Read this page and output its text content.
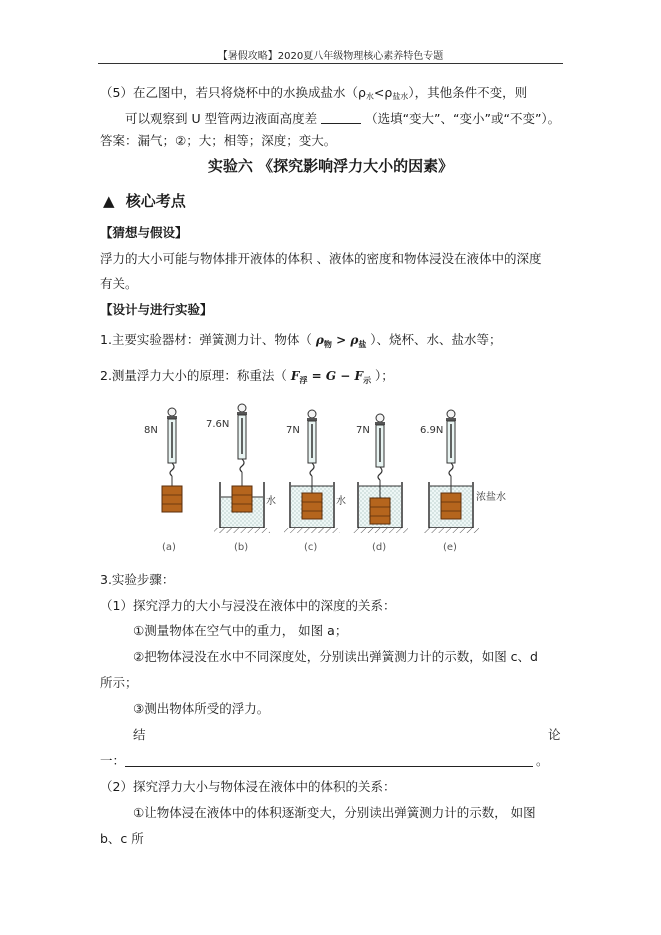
【暑假攻略】2020夏八年级物理核心素养特色专题
（5）在乙图中，若只将烧杯中的水换成盐水$(\rho_水<\rho_{盐水})$，其他条件不变，则
可以观察到 U 型管两边液面高度差	（选填“变大”、“变小”或“不变”）。
答案：漏气；②；大；相等；深度；变大。
实验六 《探究影响浮力大小的因素》
▲ 核心考点
【猜想与假设】
浮力的大小可能与物体排开液体的体积 、液体的密度和物体浸没在液体中的深度
有关。
【设计与进行实验】
1.主要实验器材：弹簧测力计、物体（ $\rho_物 > \rho_盐$ ）、烧杯、水、盐水等；
2.测量浮力大小的原理：称重法（ $F_浮 = G - F_示$ ）；
8N
(a)
7.6N
水
(b)
7N
水
(c)
7N
(d)
6.9N
浓盐水
(e)
3.实验步骤：
（1）探究浮力的大小与浸没在液体中的深度的关系：
①测量物体在空气中的重力， 如图 a；
②把物体浸没在水中不同深度处，分别读出弹簧测力计的示数，如图 c、d
所示；
③测出物体所受的浮力。
结	论
一：	。
（2）探究浮力大小与物体浸在液体中的体积的关系：
①让物体浸在液体中的体积逐渐变大，分别读出弹簧测力计的示数， 如图
b、c 所
